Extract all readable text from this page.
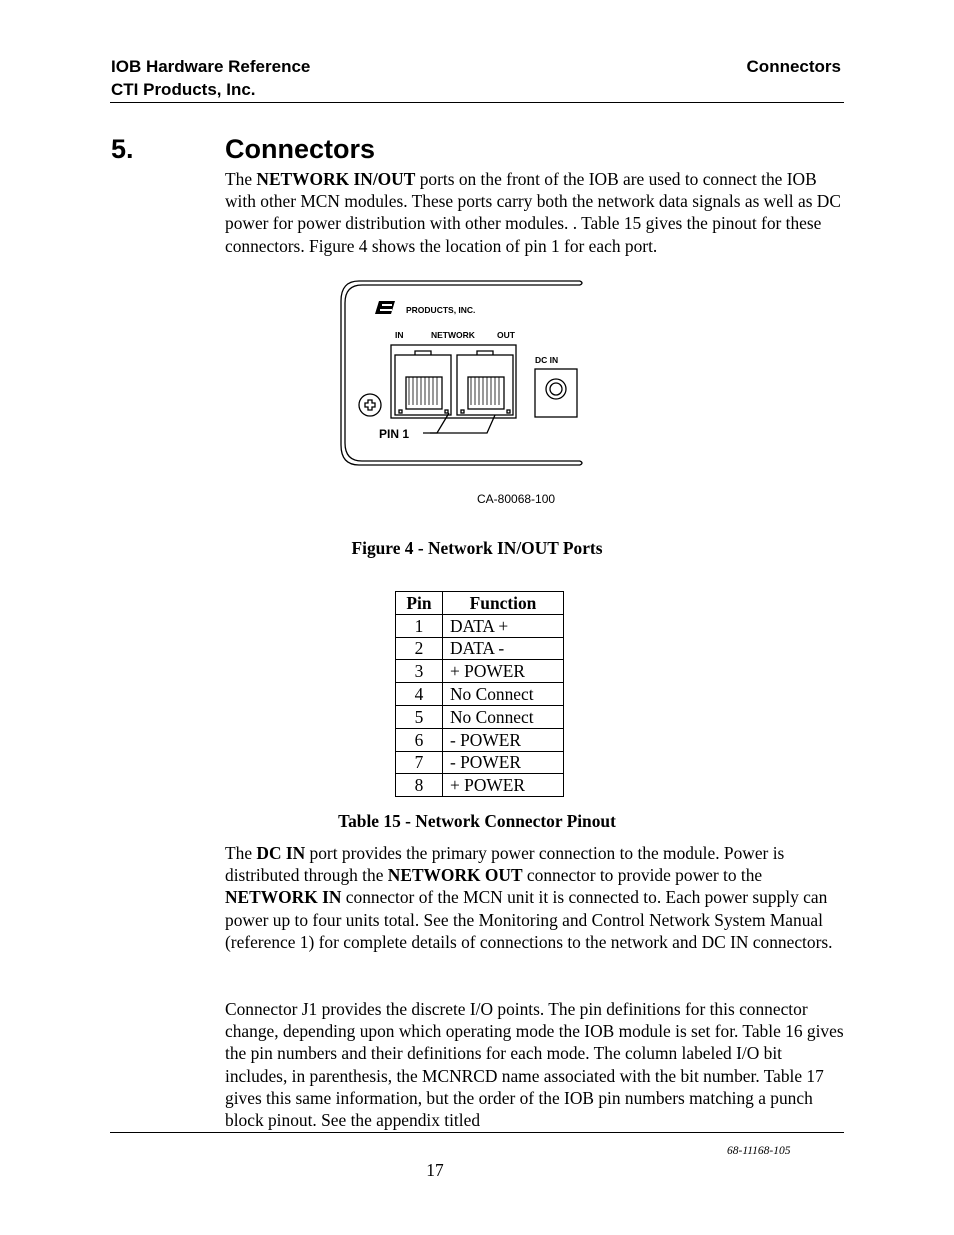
IOB Hardware Reference
CTI Products, Inc.
Connectors
5.	Connectors
The NETWORK IN/OUT ports on the front of the IOB are used to connect the IOB with other MCN modules. These ports carry both the network data signals as well as DC power for power distribution with other modules. . Table 15 gives the pinout for these connectors. Figure 4 shows the location of pin 1 for each port.
PRODUCTS, INC.
IN	NETWORK	OUT
DC IN
PIN 1
CA-80068-100
Figure 4 - Network IN/OUT Ports
Pin	Function
1	DATA +
2	DATA -
3	+ POWER
4	No Connect
5	No Connect
6	- POWER
7	- POWER
8	+ POWER
Table 15 - Network Connector Pinout
The DC IN port provides the primary power connection to the module. Power is distributed through the NETWORK OUT connector to provide power to the NETWORK IN connector of the MCN unit it is connected to. Each power supply can power up to four units total. See the Monitoring and Control Network System Manual (reference 1) for complete details of connections to the network and DC IN connectors.
Connector J1 provides the discrete I/O points. The pin definitions for this connector change, depending upon which operating mode the IOB module is set for. Table 16 gives the pin numbers and their definitions for each mode. The column labeled I/O bit includes, in parenthesis, the MCNRCD name associated with the bit number. Table 17 gives this same information, but the order of the IOB pin numbers matching a punch block pinout. See the appendix titled
68-11168-105
17
